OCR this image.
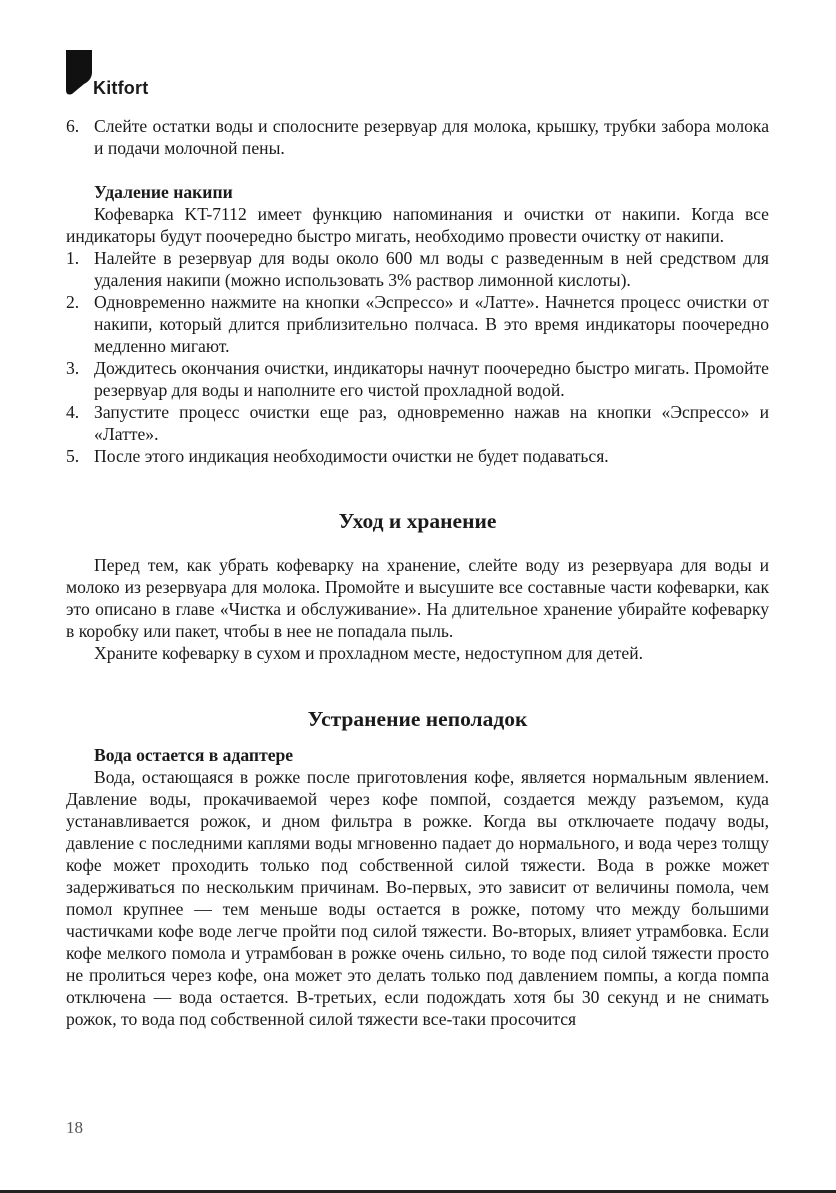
Kitfort

6. Слейте остатки воды и сполосните резервуар для молока, крышку, трубки забора молока и подачи молочной пены.

Удаление накипи

Кофеварка KT-7112 имеет функцию напоминания и очистки от накипи. Когда все индикаторы будут поочередно быстро мигать, необходимо провести очистку от накипи.

1. Налейте в резервуар для воды около 600 мл воды с разведенным в ней средством для удаления накипи (можно использовать 3% раствор лимонной кислоты).

2. Одновременно нажмите на кнопки «Эспрессо» и «Латте». Начнется процесс очистки от накипи, который длится приблизительно полчаса. В это время индикаторы поочередно медленно мигают.

3. Дождитесь окончания очистки, индикаторы начнут поочередно быстро мигать. Промойте резервуар для воды и наполните его чистой прохладной водой.

4. Запустите процесс очистки еще раз, одновременно нажав на кнопки «Эспрессо» и «Латте».

5. После этого индикация необходимости очистки не будет подаваться.

Уход и хранение

Перед тем, как убрать кофеварку на хранение, слейте воду из резервуара для воды и молоко из резервуара для молока. Промойте и высушите все составные части кофеварки, как это описано в главе «Чистка и обслуживание». На длительное хранение убирайте кофеварку в коробку или пакет, чтобы в нее не попадала пыль.

Храните кофеварку в сухом и прохладном месте, недоступном для детей.

Устранение неполадок

Вода остается в адаптере

Вода, остающаяся в рожке после приготовления кофе, является нормальным явлением. Давление воды, прокачиваемой через кофе помпой, создается между разъемом, куда устанавливается рожок, и дном фильтра в рожке. Когда вы отключаете подачу воды, давление с последними каплями воды мгновенно падает до нормального, и вода через толщу кофе может проходить только под собственной силой тяжести. Вода в рожке может задерживаться по нескольким причинам. Во-первых, это зависит от величины помола, чем помол крупнее — тем меньше воды остается в рожке, потому что между большими частичками кофе воде легче пройти под силой тяжести. Во-вторых, влияет утрамбовка. Если кофе мелкого помола и утрамбован в рожке очень сильно, то воде под силой тяжести просто не пролиться через кофе, она может это делать только под давлением помпы, а когда помпа отключена — вода остается. В-третьих, если подождать хотя бы 30 секунд и не снимать рожок, то вода под собственной силой тяжести все-таки просочится

18
